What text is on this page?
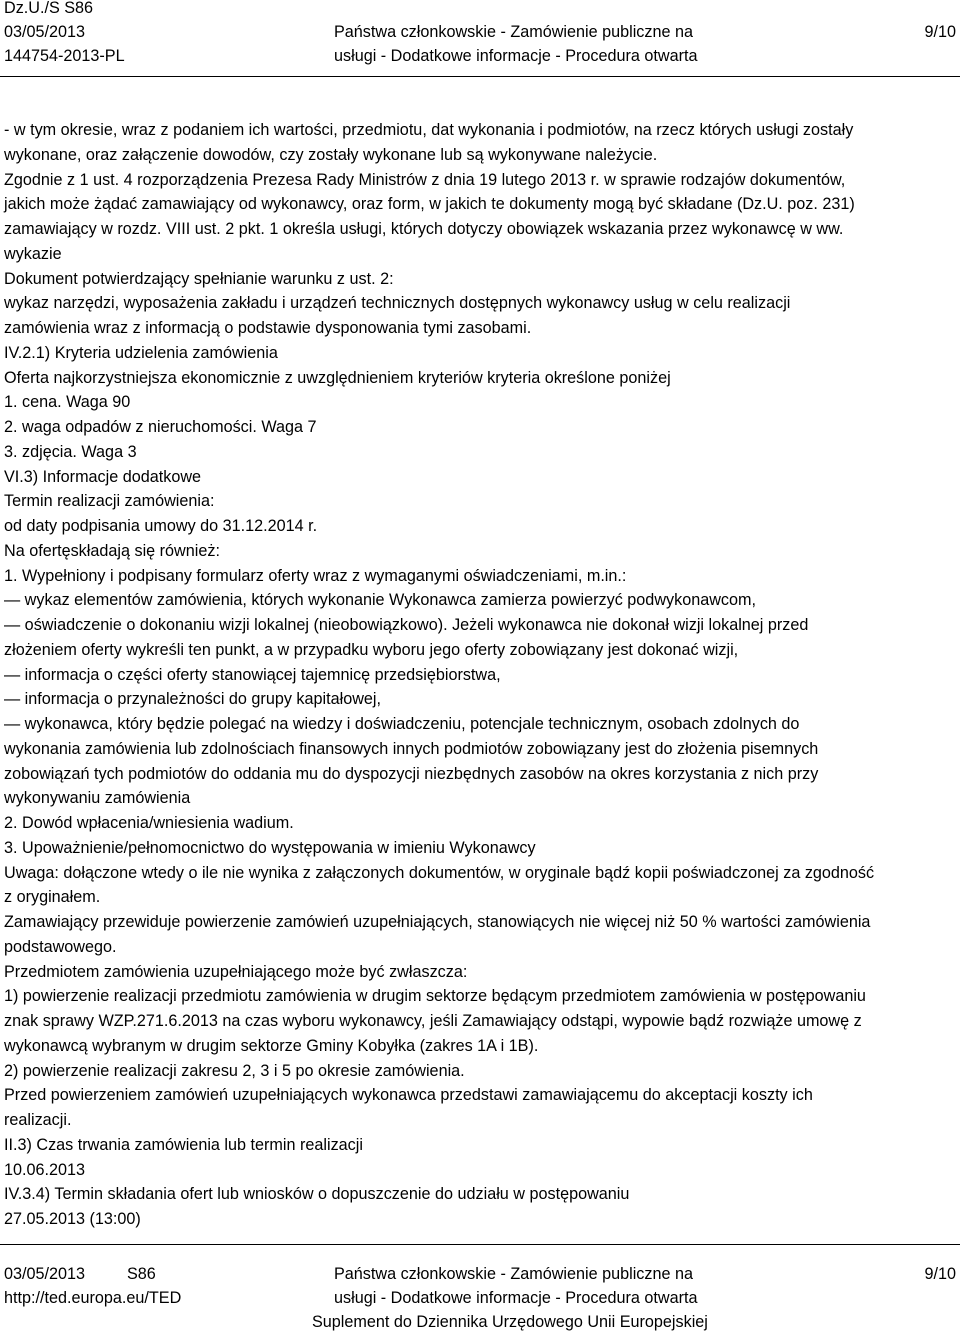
Dz.U./S S86
03/05/2013
144754-2013-PL
Państwa członkowskie - Zamówienie publiczne na
usługi - Dodatkowe informacje - Procedura otwarta
9/10
- w tym okresie, wraz z podaniem ich wartości, przedmiotu, dat wykonania i podmiotów, na rzecz których usługi zostały
wykonane, oraz załączenie dowodów, czy zostały wykonane lub są wykonywane należycie.
Zgodnie z 1 ust. 4 rozporządzenia Prezesa Rady Ministrów z dnia 19 lutego 2013 r. w sprawie rodzajów dokumentów,
jakich może żądać zamawiający od wykonawcy, oraz form, w jakich te dokumenty mogą być składane (Dz.U. poz. 231)
zamawiający w rozdz. VIII ust. 2 pkt. 1 określa usługi, których dotyczy obowiązek wskazania przez wykonawcę w ww.
wykazie
Dokument potwierdzający spełnianie warunku z ust. 2:
wykaz narzędzi, wyposażenia zakładu i urządzeń technicznych dostępnych wykonawcy usług w celu realizacji
zamówienia wraz z informacją o podstawie dysponowania tymi zasobami.
IV.2.1) Kryteria udzielenia zamówienia
Oferta najkorzystniejsza ekonomicznie z uwzględnieniem kryteriów kryteria określone poniżej
1. cena. Waga 90
2. waga odpadów z nieruchomości. Waga 7
3. zdjęcia. Waga 3
VI.3) Informacje dodatkowe
Termin realizacji zamówienia:
od daty podpisania umowy do 31.12.2014 r.
Na ofertęskładają się również:
1. Wypełniony i podpisany formularz oferty wraz z wymaganymi oświadczeniami, m.in.:
— wykaz elementów zamówienia, których wykonanie Wykonawca zamierza powierzyć podwykonawcom,
— oświadczenie o dokonaniu wizji lokalnej (nieobowiązkowo). Jeżeli wykonawca nie dokonał wizji lokalnej przed
złożeniem oferty wykreśli ten punkt, a w przypadku wyboru jego oferty zobowiązany jest dokonać wizji,
— informacja o części oferty stanowiącej tajemnicę przedsiębiorstwa,
— informacja o przynależności do grupy kapitałowej,
— wykonawca, który będzie polegać na wiedzy i doświadczeniu, potencjale technicznym, osobach zdolnych do
wykonania zamówienia lub zdolnościach finansowych innych podmiotów zobowiązany jest do złożenia pisemnych
zobowiązań tych podmiotów do oddania mu do dyspozycji niezbędnych zasobów na okres korzystania z nich przy
wykonywaniu zamówienia
2. Dowód wpłacenia/wniesienia wadium.
3. Upoważnienie/pełnomocnictwo do występowania w imieniu Wykonawcy
Uwaga: dołączone wtedy o ile nie wynika z załączonych dokumentów, w oryginale bądź kopii poświadczonej za zgodność
z oryginałem.
Zamawiający przewiduje powierzenie zamówień uzupełniających, stanowiących nie więcej niż 50 % wartości zamówienia
podstawowego.
Przedmiotem zamówienia uzupełniającego może być zwłaszcza:
1) powierzenie realizacji przedmiotu zamówienia w drugim sektorze będącym przedmiotem zamówienia w postępowaniu
znak sprawy WZP.271.6.2013 na czas wyboru wykonawcy, jeśli Zamawiający odstąpi, wypowie bądź rozwiąże umowę z
wykonawcą wybranym w drugim sektorze Gminy Kobyłka (zakres 1A i 1B).
2) powierzenie realizacji zakresu 2, 3 i 5 po okresie zamówienia.
Przed powierzeniem zamówień uzupełniających wykonawca przedstawi zamawiającemu do akceptacji koszty ich
realizacji.
II.3) Czas trwania zamówienia lub termin realizacji
10.06.2013
IV.3.4) Termin składania ofert lub wniosków o dopuszczenie do udziału w postępowaniu
27.05.2013 (13:00)
03/05/2013	S86
http://ted.europa.eu/TED
Państwa członkowskie - Zamówienie publiczne na
usługi - Dodatkowe informacje - Procedura otwarta
Suplement do Dziennika Urzędowego Unii Europejskiej
9/10
